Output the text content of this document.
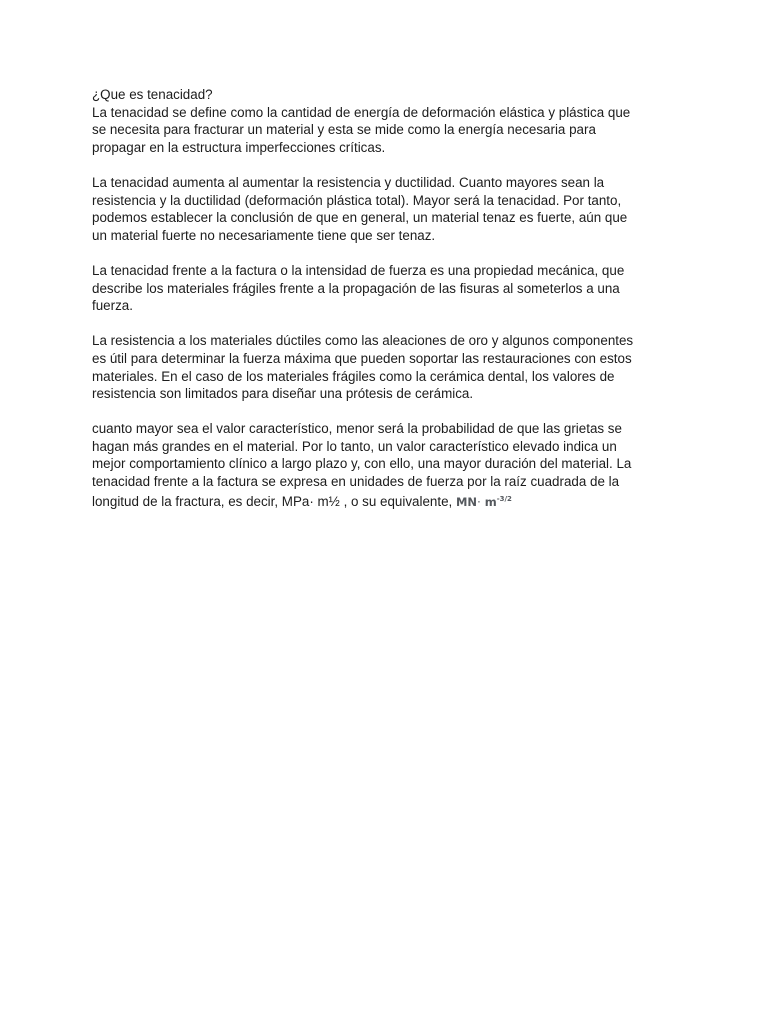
¿Que es tenacidad?
La tenacidad se define como la cantidad de energía de deformación elástica y plástica que
se necesita para fracturar un material y esta se mide como la energía necesaria para
propagar en la estructura imperfecciones críticas.
La tenacidad aumenta al aumentar la resistencia y ductilidad. Cuanto mayores sean la
resistencia y la ductilidad (deformación plástica total). Mayor será la tenacidad. Por tanto,
podemos establecer la conclusión de que en general, un material tenaz es fuerte, aún que
un material fuerte no necesariamente tiene que ser tenaz.
La tenacidad frente a la factura o la intensidad de fuerza es una propiedad mecánica, que
describe los materiales frágiles frente a la propagación de las fisuras al someterlos a una
fuerza.
La resistencia a los materiales dúctiles como las aleaciones de oro y algunos componentes
es útil para determinar la fuerza máxima que pueden soportar las restauraciones con estos
materiales. En el caso de los materiales frágiles como la cerámica dental, los valores de
resistencia son limitados para diseñar una prótesis de cerámica.
cuanto mayor sea el valor característico, menor será la probabilidad de que las grietas se
hagan más grandes en el material. Por lo tanto, un valor característico elevado indica un
mejor comportamiento clínico a largo plazo y, con ello, una mayor duración del material. La
tenacidad frente a la factura se expresa en unidades de fuerza por la raíz cuadrada de la
longitud de la fractura, es decir, MPa· m½ , o su equivalente, $MN\cdot m^{-3/2}$
